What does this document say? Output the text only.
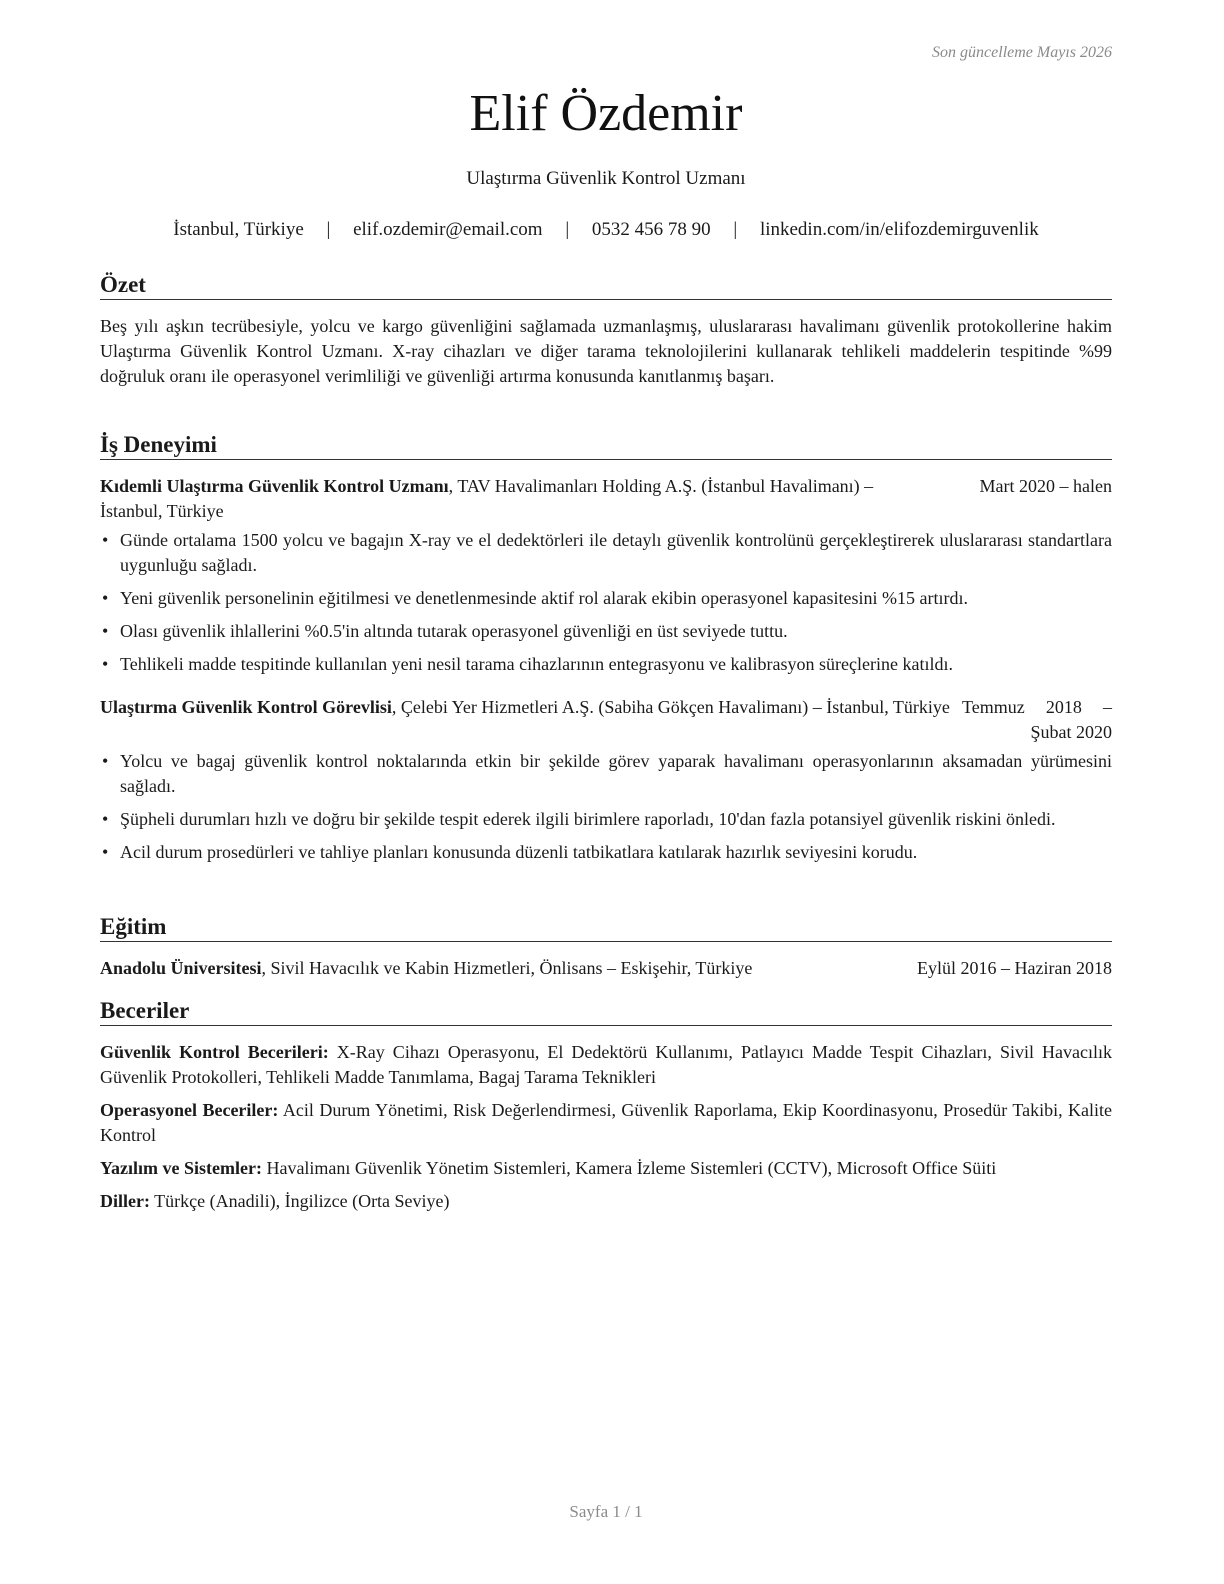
Son güncelleme Mayıs 2026
Elif Özdemir
Ulaştırma Güvenlik Kontrol Uzmanı
İstanbul, Türkiye | elif.ozdemir@email.com | 0532 456 78 90 | linkedin.com/in/elifozdemirguvenlik
Özet
Beş yılı aşkın tecrübesiyle, yolcu ve kargo güvenliğini sağlamada uzmanlaşmış, uluslararası havalimanı güvenlik protokollerine hakim Ulaştırma Güvenlik Kontrol Uzmanı. X-ray cihazları ve diğer tarama teknolojilerini kullanarak tehlikeli maddelerin tespitinde %99 doğruluk oranı ile operasyonel verimliliği ve güvenliği artırma konusunda kanıtlanmış başarı.
İş Deneyimi
Kıdemli Ulaştırma Güvenlik Kontrol Uzmanı, TAV Havalimanları Holding A.Ş. (İstanbul Havalimanı) – İstanbul, Türkiye
Mart 2020 – halen
• Günde ortalama 1500 yolcu ve bagajın X-ray ve el dedektörleri ile detaylı güvenlik kontrolünü gerçekleştirerek uluslararası standartlara uygunluğu sağladı.
• Yeni güvenlik personelinin eğitilmesi ve denetlenmesinde aktif rol alarak ekibin operasyonel kapasitesini %15 artırdı.
• Olası güvenlik ihlallerini %0.5'in altında tutarak operasyonel güvenliği en üst seviyede tuttu.
• Tehlikeli madde tespitinde kullanılan yeni nesil tarama cihazlarının entegrasyonu ve kalibrasyon süreçlerine katıldı.
Ulaştırma Güvenlik Kontrol Görevlisi, Çelebi Yer Hizmetleri A.Ş. (Sabiha Gökçen Havalimanı) – İstanbul, Türkiye Temmuz 2018 – Şubat 2020
• Yolcu ve bagaj güvenlik kontrol noktalarında etkin bir şekilde görev yaparak havalimanı operasyonlarının aksamadan yürümesini sağladı.
• Şüpheli durumları hızlı ve doğru bir şekilde tespit ederek ilgili birimlere raporladı, 10'dan fazla potansiyel güvenlik riskini önledi.
• Acil durum prosedürleri ve tahliye planları konusunda düzenli tatbikatlara katılarak hazırlık seviyesini korudu.
Eğitim
Anadolu Üniversitesi, Sivil Havacılık ve Kabin Hizmetleri, Önlisans – Eskişehir, Türkiye	Eylül 2016 – Haziran 2018
Beceriler
Güvenlik Kontrol Becerileri: X-Ray Cihazı Operasyonu, El Dedektörü Kullanımı, Patlayıcı Madde Tespit Cihazları, Sivil Havacılık Güvenlik Protokolleri, Tehlikeli Madde Tanımlama, Bagaj Tarama Teknikleri
Operasyonel Beceriler: Acil Durum Yönetimi, Risk Değerlendirmesi, Güvenlik Raporlama, Ekip Koordinasyonu, Prosedür Takibi, Kalite Kontrol
Yazılım ve Sistemler: Havalimanı Güvenlik Yönetim Sistemleri, Kamera İzleme Sistemleri (CCTV), Microsoft Office Süiti
Diller: Türkçe (Anadili), İngilizce (Orta Seviye)
Sayfa 1 / 1
